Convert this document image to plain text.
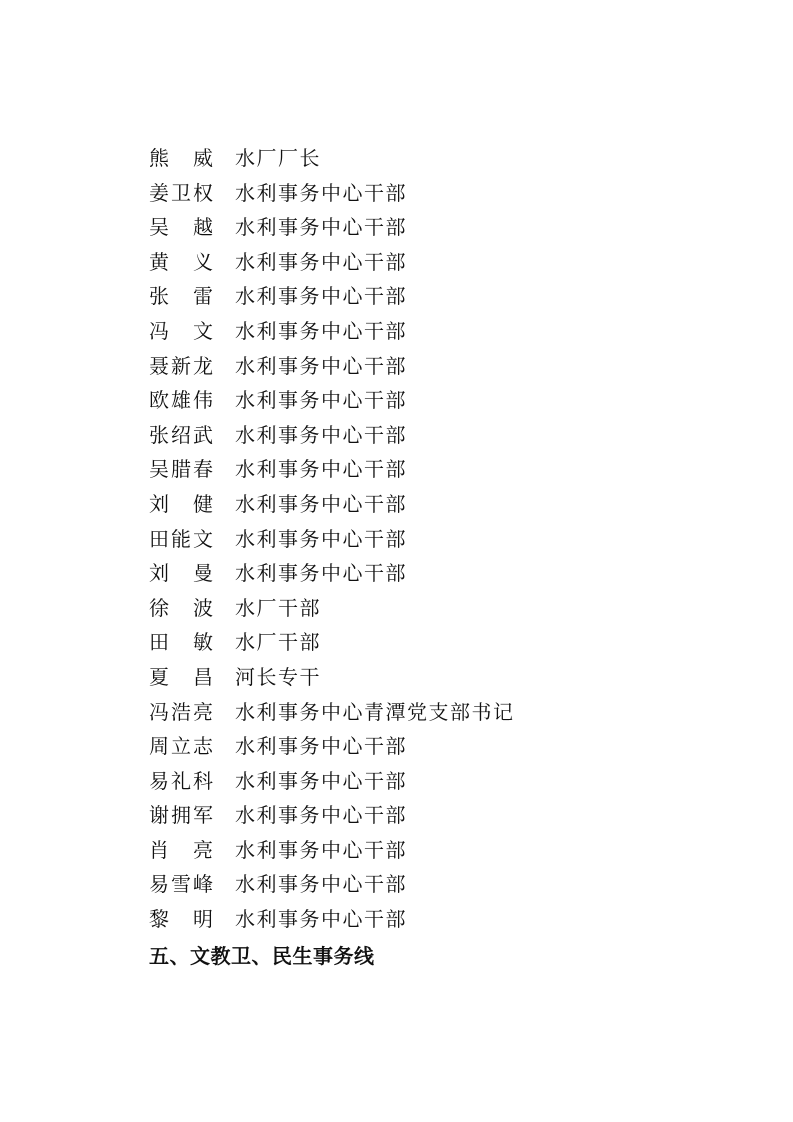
熊 威 水厂厂长
姜 卫 权 水利事务中心干部
吴 越 水利事务中心干部
黄 义 水利事务中心干部
张 雷 水利事务中心干部
冯 文 水利事务中心干部
聂 新 龙 水利事务中心干部
欧 雄 伟 水利事务中心干部
张 绍 武 水利事务中心干部
吴 腊 春 水利事务中心干部
刘 健 水利事务中心干部
田 能 文 水利事务中心干部
刘 曼 水利事务中心干部
徐 波 水厂干部
田 敏 水厂干部
夏 昌 河长专干
冯 浩 亮 水利事务中心青潭党支部书记
周 立 志 水利事务中心干部
易 礼 科 水利事务中心干部
谢 拥 军 水利事务中心干部
肖 亮 水利事务中心干部
易 雪 峰 水利事务中心干部
黎 明 水利事务中心干部
五、文教卫、民生事务线
